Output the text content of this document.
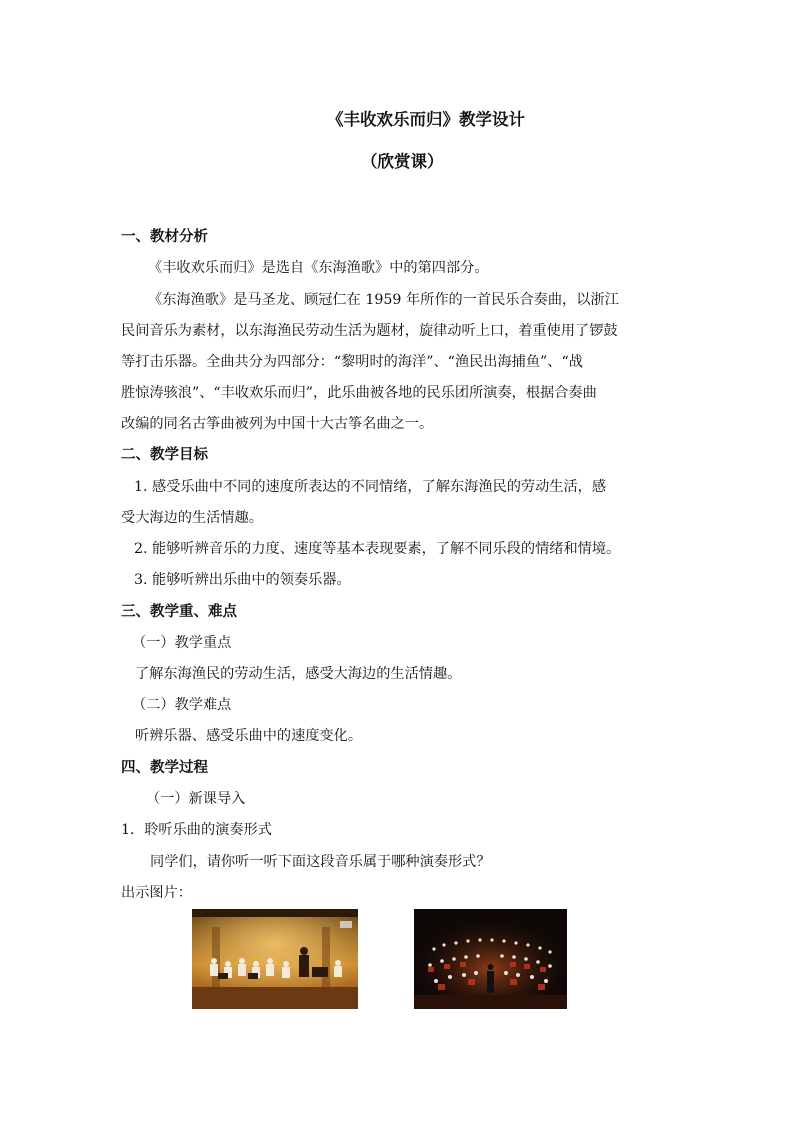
《丰收欢乐而归》教学设计
（欣赏课）
一、教材分析
《丰收欢乐而归》是选自《东海渔歌》中的第四部分。
《东海渔歌》是马圣龙、顾冠仁在 1959 年所作的一首民乐合奏曲，以浙江
民间音乐为素材，以东海渔民劳动生活为题材，旋律动听上口，着重使用了锣鼓
等打击乐器。全曲共分为四部分：“黎明时的海洋”、“渔民出海捕鱼”、“战
胜惊涛骇浪”、“丰收欢乐而归”，此乐曲被各地的民乐团所演奏，根据合奏曲
改编的同名古筝曲被列为中国十大古筝名曲之一。
二、教学目标
1. 感受乐曲中不同的速度所表达的不同情绪，了解东海渔民的劳动生活，感
受大海边的生活情趣。
2. 能够听辨音乐的力度、速度等基本表现要素，了解不同乐段的情绪和情境。
3. 能够听辨出乐曲中的领奏乐器。
三、教学重、难点
（一）教学重点
了解东海渔民的劳动生活，感受大海边的生活情趣。
（二）教学难点
听辨乐器、感受乐曲中的速度变化。
四、教学过程
（一）新课导入
1．聆听乐曲的演奏形式
同学们，请你听一听下面这段音乐属于哪种演奏形式？
出示图片：
